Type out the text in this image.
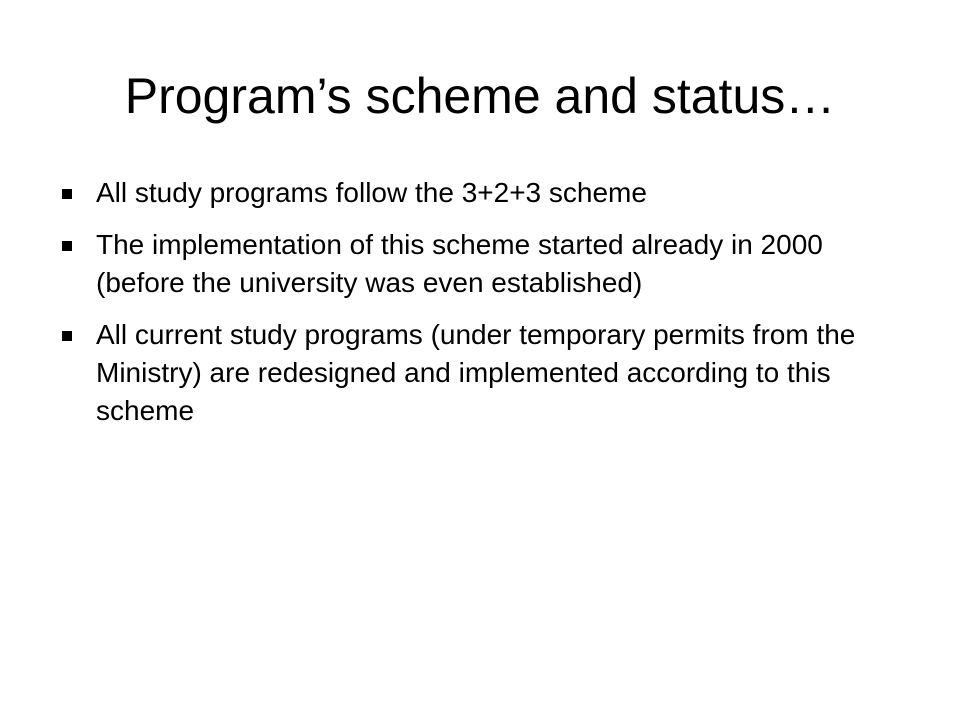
Program’s scheme and status…
All study programs follow the 3+2+3 scheme
The implementation of this scheme started already in 2000 (before the university was even established)
All current study programs (under temporary permits from the Ministry) are redesigned and implemented according to this scheme
